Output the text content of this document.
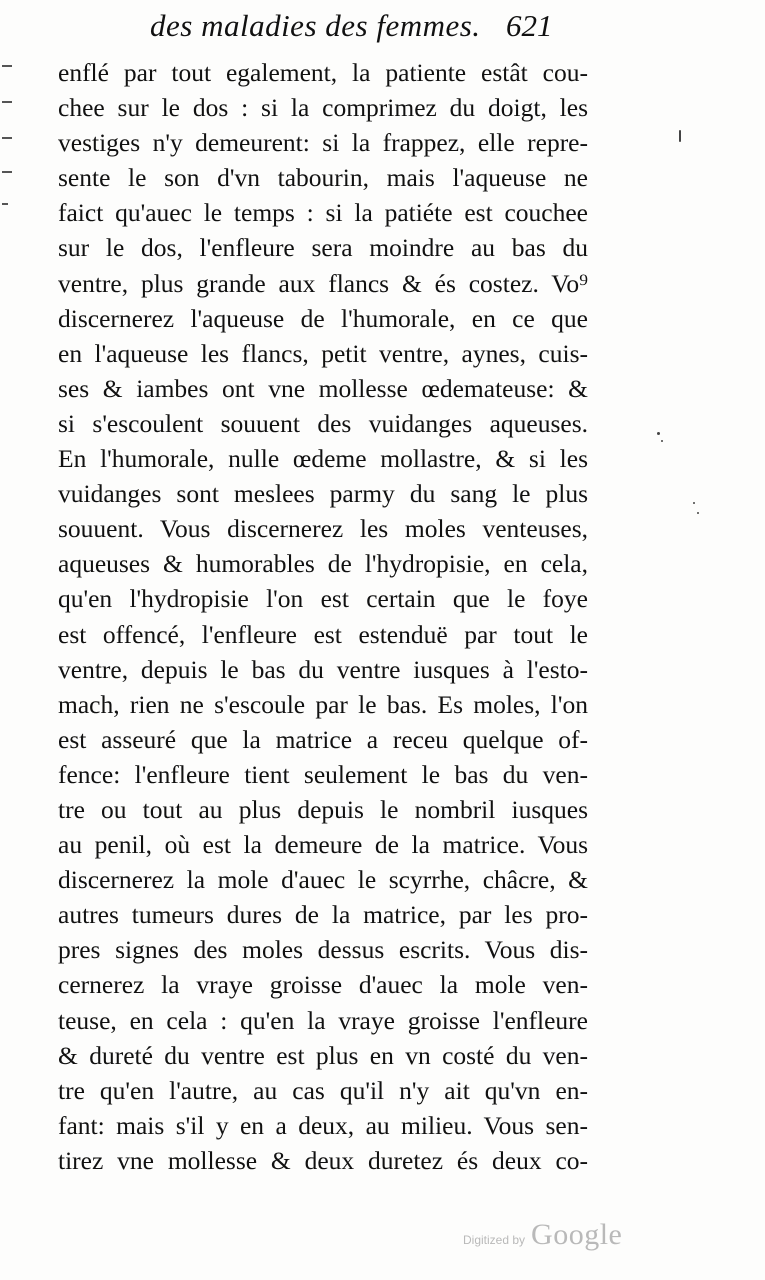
des maladies des femmes. 621
enflé par tout egalement, la patiente estât cou-
chee sur le dos : si la comprimez du doigt, les
vestiges n'y demeurent: si la frappez, elle repre-
sente le son d'vn tabourin, mais l'aqueuse ne
faict qu'auec le temps : si la patiéte est couchee
sur le dos, l'enfleure sera moindre au bas du
ventre, plus grande aux flancs & és costez. Vo⁹
discernerez l'aqueuse de l'humorale, en ce que
en l'aqueuse les flancs, petit ventre, aynes, cuis-
ses & iambes ont vne mollesse œdemateuse: &
si s'escoulent souuent des vuidanges aqueuses.
En l'humorale, nulle œdeme mollastre, & si les
vuidanges sont meslees parmy du sang le plus
souuent. Vous discernerez les moles venteuses,
aqueuses & humorables de l'hydropisie, en cela,
qu'en l'hydropisie l'on est certain que le foye
est offencé, l'enfleure est estenduë par tout le
ventre, depuis le bas du ventre iusques à l'esto-
mach, rien ne s'escoule par le bas. Es moles, l'on
est asseuré que la matrice a receu quelque of-
fence: l'enfleure tient seulement le bas du ven-
tre ou tout au plus depuis le nombril iusques
au penil, où est la demeure de la matrice. Vous
discernerez la mole d'auec le scyrrhe, châcre, &
autres tumeurs dures de la matrice, par les pro-
pres signes des moles dessus escrits. Vous dis-
cernerez la vraye groisse d'auec la mole ven-
teuse, en cela : qu'en la vraye groisse l'enfleure
& dureté du ventre est plus en vn costé du ven-
tre qu'en l'autre, au cas qu'il n'y ait qu'vn en-
fant: mais s'il y en a deux, au milieu. Vous sen-
tirez vne mollesse & deux duretez és deux co-
Digitized by Google
